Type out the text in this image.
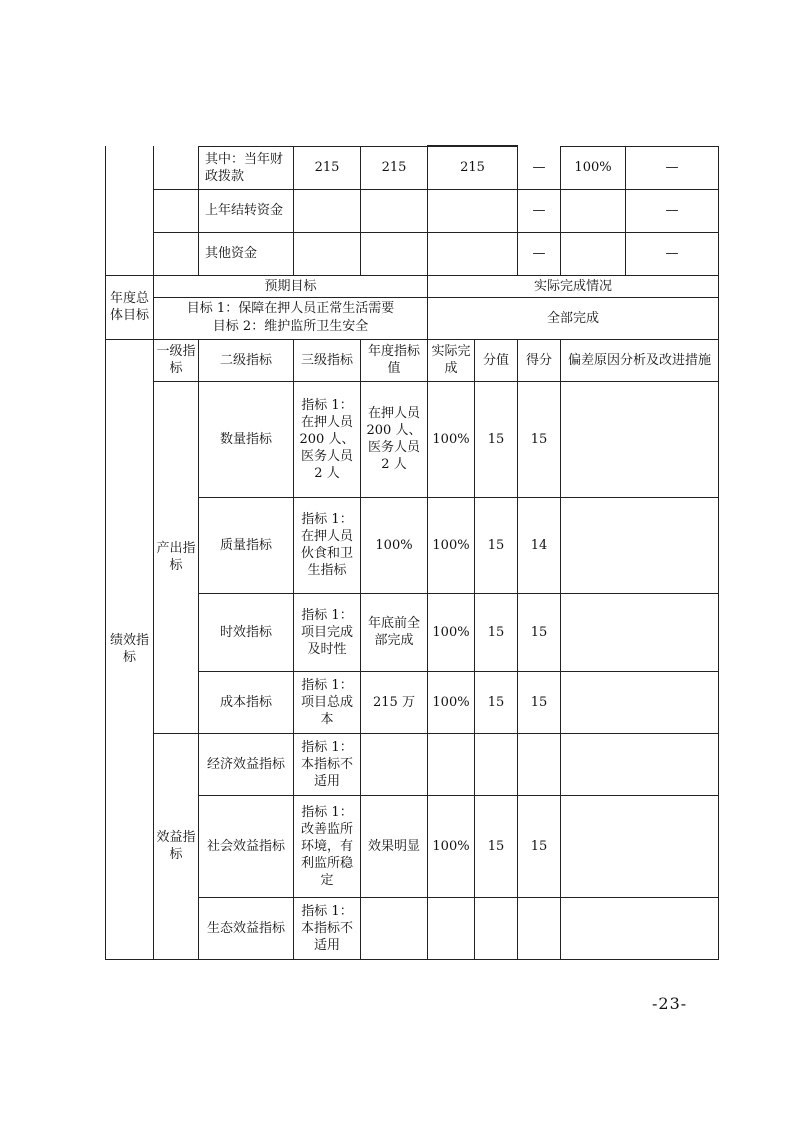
		其中：当年财政拨款	215	215	215		—	100% —

		上年结转资金					—	—

		其他资金					—	—

年度总体目标	预期目标				实际完成情况			

	目标 1：保障在押人员正常生活需要
目标 2：维护监所卫生安全				全部完成			
绩效指标	一级指标	二级指标	三级指标	年度指标值	实际完成	分值	得分	偏差原因分析及改进措施
	产出指标	数量指标	指标 1：在押人员 200 人、医务人员 2 人	在押人员 200 人、医务人员 2 人	100%	15	15	
		质量指标	指标 1：在押人员伙食和卫生指标	100%	100%	15	14	
		时效指标	指标 1：项目完成及时性	年底前全部完成	100%	15	15	
		成本指标	指标 1：项目总成本	215 万	100%	15	15	
	效益指标	经济效益指标	指标 1：本指标不适用					
		社会效益指标	指标 1：改善监所环境，有利监所稳定	效果明显	100%	15	15	
		生态效益指标	指标 1：本指标不适用					
-23-
